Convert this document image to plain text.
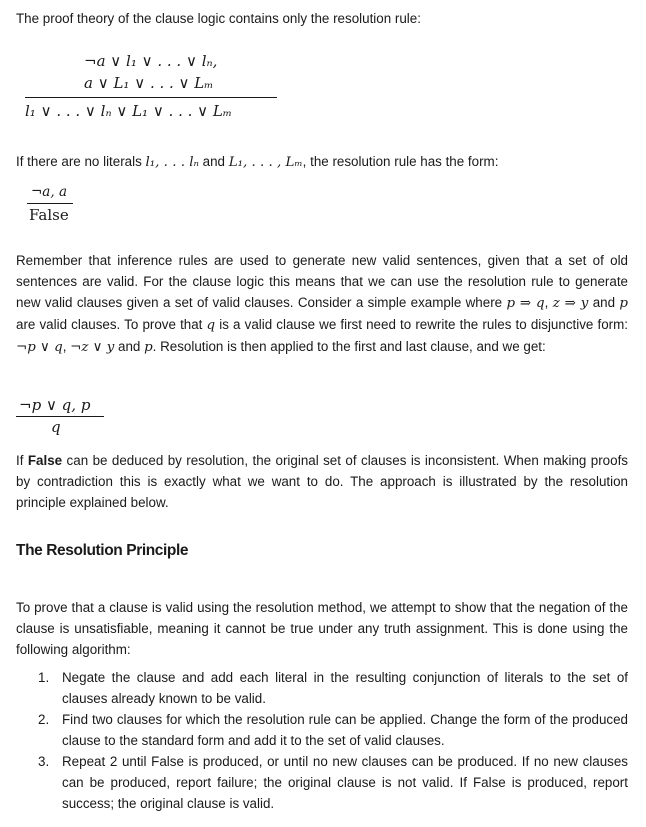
The proof theory of the clause logic contains only the resolution rule:

¬a ∨ l₁ ∨ . . . ∨ lₙ,
a ∨ L₁ ∨ . . . ∨ Lₘ
l₁ ∨ . . . ∨ lₙ ∨ L₁ ∨ . . . ∨ Lₘ

If there are no literals l₁, . . . lₙ and L₁, . . . , Lₘ, the resolution rule has the form:

¬a, a
False

Remember that inference rules are used to generate new valid sentences, given that a set of old sentences are valid. For the clause logic this means that we can use the resolution rule to generate new valid clauses given a set of valid clauses. Consider a simple example where p ⇒ q, z ⇒ y and p are valid clauses. To prove that q is a valid clause we first need to rewrite the rules to disjunctive form: ¬p ∨ q, ¬z ∨ y and p. Resolution is then applied to the first and last clause, and we get:

¬p ∨ q, p
q

If False can be deduced by resolution, the original set of clauses is inconsistent. When making proofs by contradiction this is exactly what we want to do. The approach is illustrated by the resolution principle explained below.

The Resolution Principle

To prove that a clause is valid using the resolution method, we attempt to show that the negation of the clause is unsatisfiable, meaning it cannot be true under any truth assignment. This is done using the following algorithm:

1. Negate the clause and add each literal in the resulting conjunction of literals to the set of clauses already known to be valid.
2. Find two clauses for which the resolution rule can be applied. Change the form of the produced clause to the standard form and add it to the set of valid clauses.
3. Repeat 2 until False is produced, or until no new clauses can be produced. If no new clauses can be produced, report failure; the original clause is not valid. If False is produced, report success; the original clause is valid.
